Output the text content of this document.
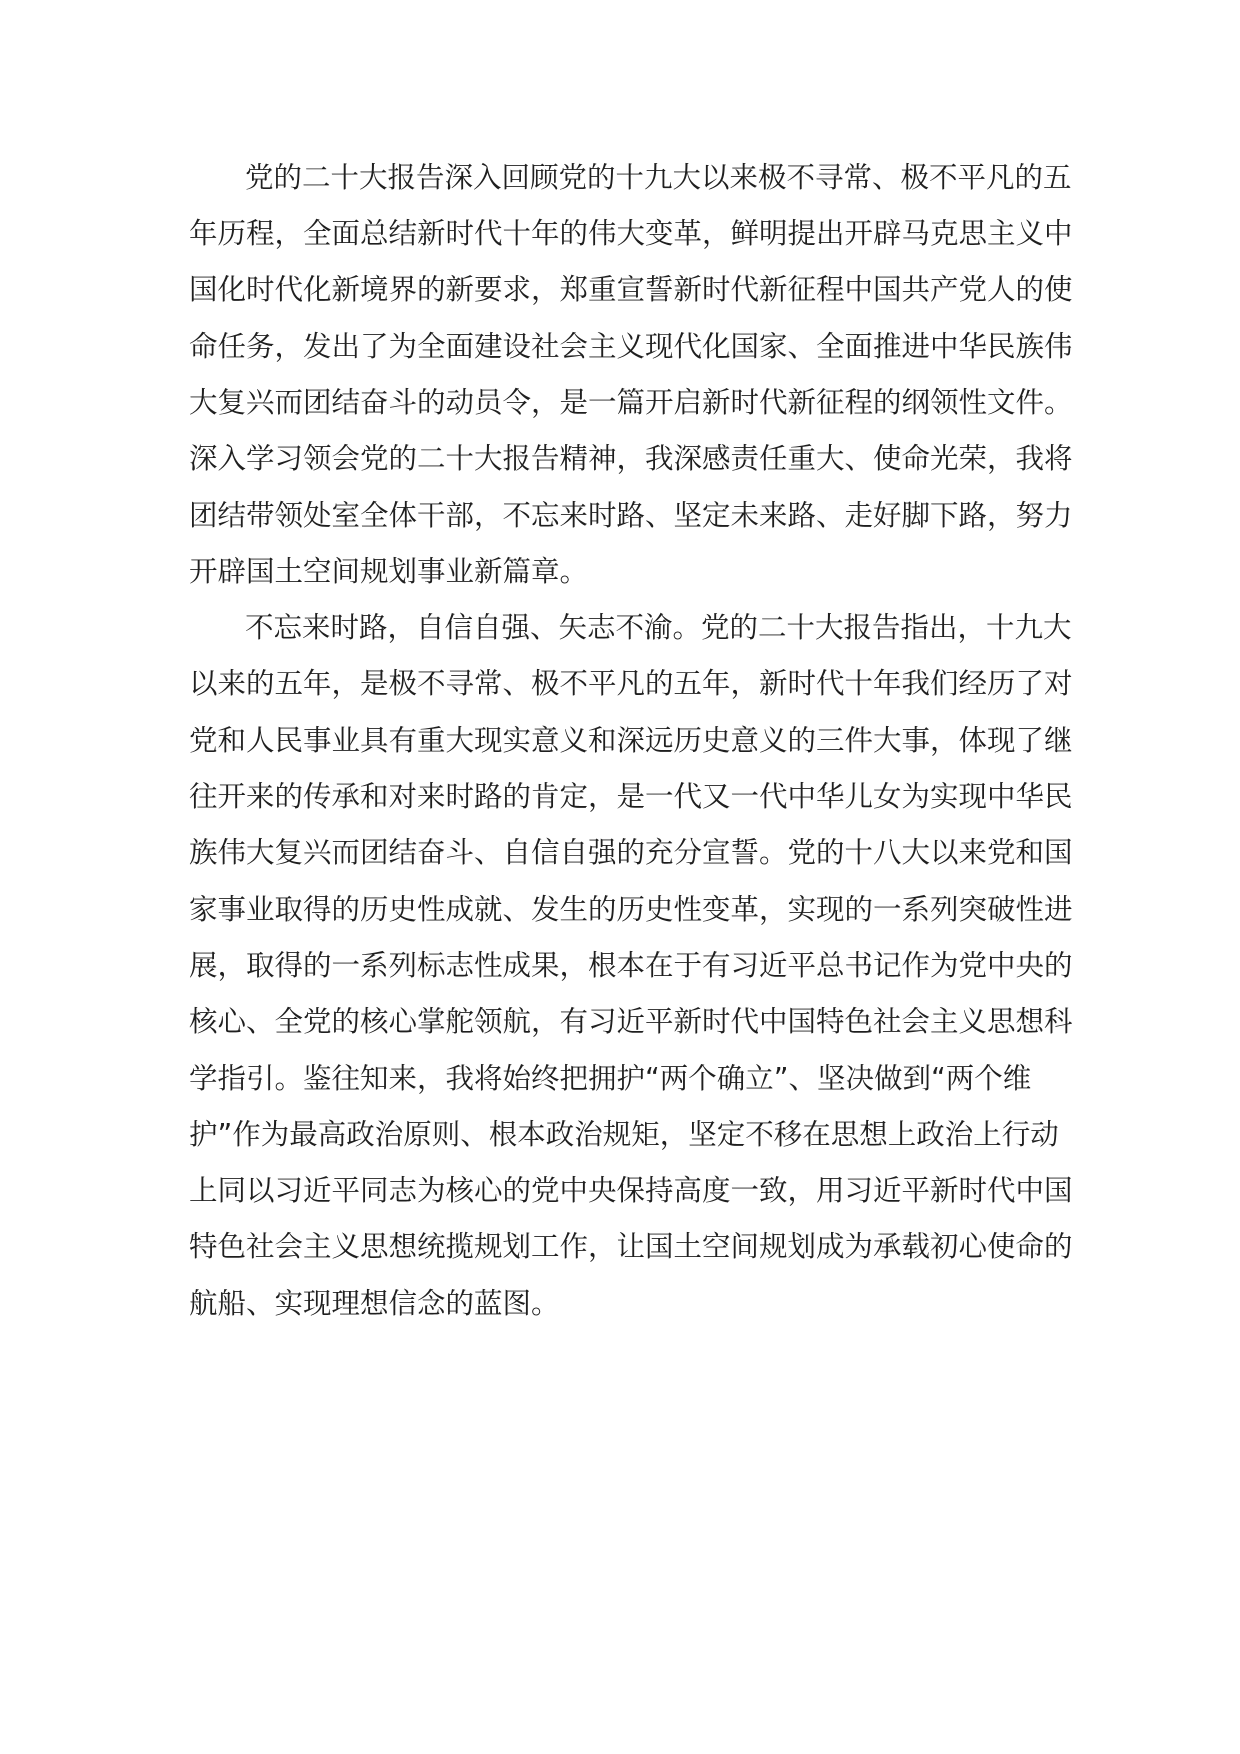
党的二十大报告深入回顾党的十九大以来极不寻常、极不平凡的五
年历程，全面总结新时代十年的伟大变革，鲜明提出开辟马克思主义中
国化时代化新境界的新要求，郑重宣誓新时代新征程中国共产党人的使
命任务，发出了为全面建设社会主义现代化国家、全面推进中华民族伟
大复兴而团结奋斗的动员令，是一篇开启新时代新征程的纲领性文件。
深入学习领会党的二十大报告精神，我深感责任重大、使命光荣，我将
团结带领处室全体干部，不忘来时路、坚定未来路、走好脚下路，努力
开辟国土空间规划事业新篇章。
不忘来时路，自信自强、矢志不渝。党的二十大报告指出，十九大
以来的五年，是极不寻常、极不平凡的五年，新时代十年我们经历了对
党和人民事业具有重大现实意义和深远历史意义的三件大事，体现了继
往开来的传承和对来时路的肯定，是一代又一代中华儿女为实现中华民
族伟大复兴而团结奋斗、自信自强的充分宣誓。党的十八大以来党和国
家事业取得的历史性成就、发生的历史性变革，实现的一系列突破性进
展，取得的一系列标志性成果，根本在于有习近平总书记作为党中央的
核心、全党的核心掌舵领航，有习近平新时代中国特色社会主义思想科
学指引。鉴往知来，我将始终把拥护“两个确立”、坚决做到“两个维
护”作为最高政治原则、根本政治规矩，坚定不移在思想上政治上行动
上同以习近平同志为核心的党中央保持高度一致，用习近平新时代中国
特色社会主义思想统揽规划工作，让国土空间规划成为承载初心使命的
航船、实现理想信念的蓝图。
